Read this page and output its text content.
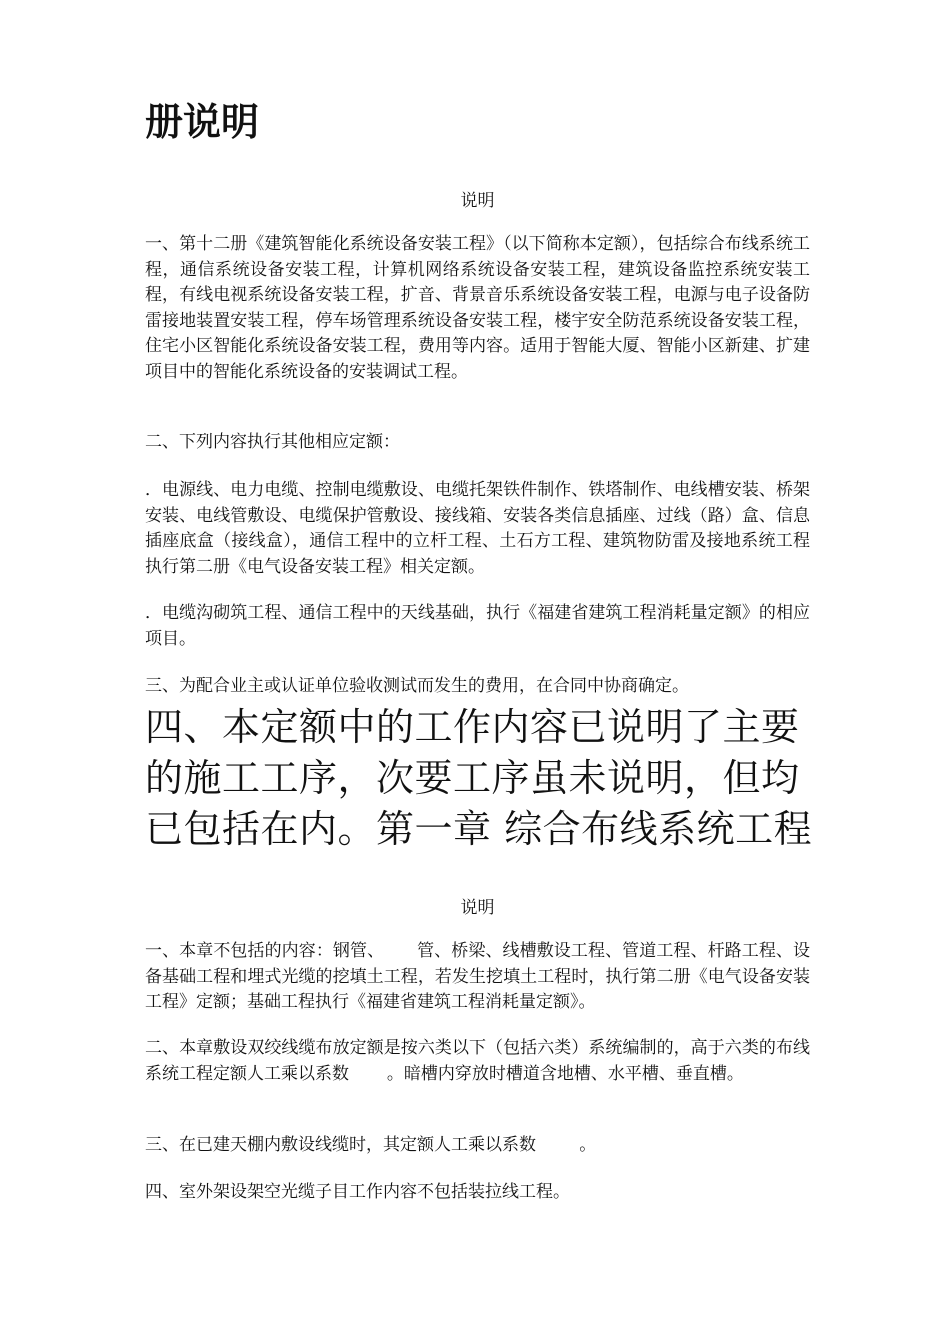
册说明
说明

一、第十二册《建筑智能化系统设备安装工程》（以下简称本定额），包括综合布线系统工程，通信系统设备安装工程，计算机网络系统设备安装工程，建筑设备监控系统安装工程，有线电视系统设备安装工程，扩音、背景音乐系统设备安装工程，电源与电子设备防雷接地装置安装工程，停车场管理系统设备安装工程，楼宇安全防范系统设备安装工程，住宅小区智能化系统设备安装工程，费用等内容。适用于智能大厦、智能小区新建、扩建项目中的智能化系统设备的安装调试工程。

二、下列内容执行其他相应定额：

．电源线、电力电缆、控制电缆敷设、电缆托架铁件制作、铁塔制作、电线槽安装、桥架安装、电线管敷设、电缆保护管敷设、接线箱、安装各类信息插座、过线（路）盒、信息插座底盒（接线盒），通信工程中的立杆工程、土石方工程、建筑物防雷及接地系统工程执行第二册《电气设备安装工程》相关定额。

．电缆沟砌筑工程、通信工程中的天线基础，执行《福建省建筑工程消耗量定额》的相应项目。

三、为配合业主或认证单位验收测试而发生的费用，在合同中协商确定。

四、本定额中的工作内容已说明了主要
的施工工序，次要工序虽未说明，但均
已包括在内。第一章 综合布线系统工程
说明

一、本章不包括的内容：钢管、      管、桥梁、线槽敷设工程、管道工程、杆路工程、设备基础工程和埋式光缆的挖填土工程，若发生挖填土工程时，执行第二册《电气设备安装工程》定额；基础工程执行《福建省建筑工程消耗量定额》。

二、本章敷设双绞线缆布放定额是按六类以下（包括六类）系统编制的，高于六类的布线系统工程定额人工乘以系数       。暗槽内穿放时槽道含地槽、水平槽、垂直槽。

三、在已建天棚内敷设线缆时，其定额人工乘以系数        。

四、室外架设架空光缆子目工作内容不包括装拉线工程。
